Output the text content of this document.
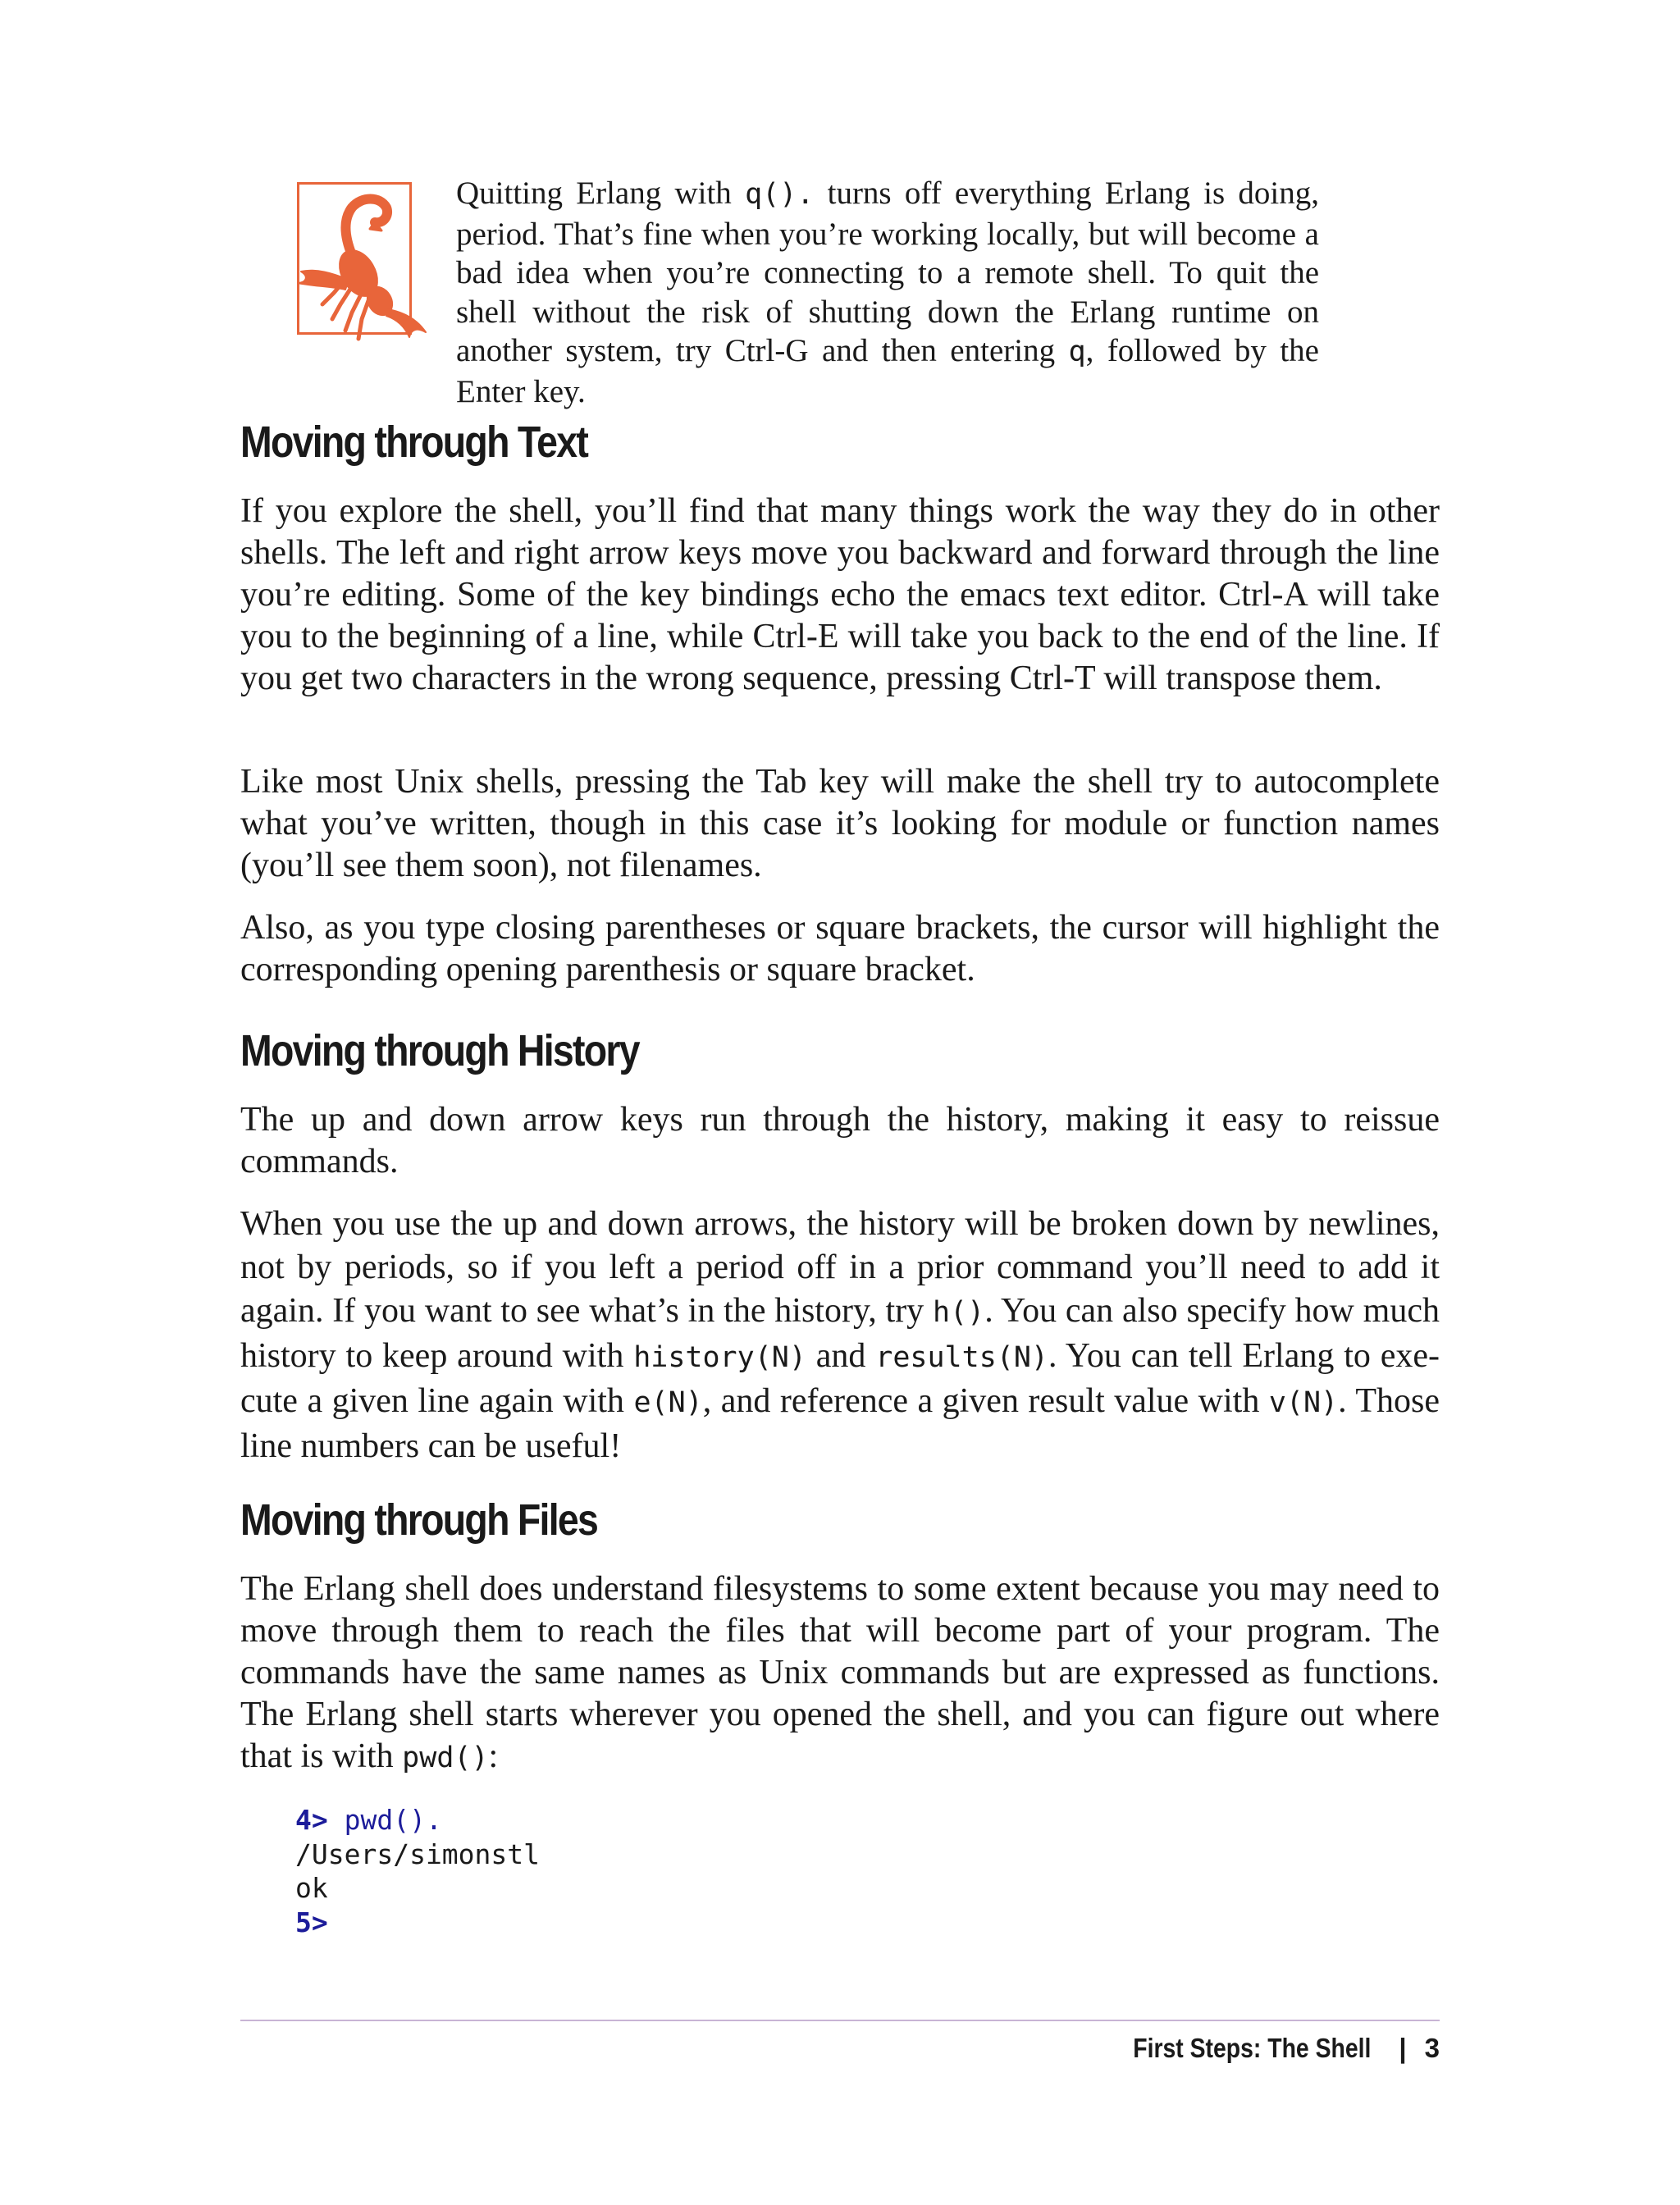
Quitting Erlang with q(). turns off everything Erlang is doing, period. That’s fine when you’re working locally, but will become a bad idea when you’re connecting to a remote shell. To quit the shell without the risk of shutting down the Erlang runtime on another system, try Ctrl-G and then entering q, followed by the Enter key.
Moving through Text

If you explore the shell, you’ll find that many things work the way they do in other shells. The left and right arrow keys move you backward and forward through the line you’re editing. Some of the key bindings echo the emacs text editor. Ctrl-A will take you to the beginning of a line, while Ctrl-E will take you back to the end of the line. If you get two characters in the wrong sequence, pressing Ctrl-T will transpose them.

Like most Unix shells, pressing the Tab key will make the shell try to autocomplete what you’ve written, though in this case it’s looking for module or function names (you’ll see them soon), not filenames.

Also, as you type closing parentheses or square brackets, the cursor will highlight the corresponding opening parenthesis or square bracket.

Moving through History

The up and down arrow keys run through the history, making it easy to reissue commands.

When you use the up and down arrows, the history will be broken down by newlines, not by periods, so if you left a period off in a prior command you’ll need to add it again. If you want to see what’s in the history, try h(). You can also specify how much history to keep around with history(N) and results(N). You can tell Erlang to execute a given line again with e(N), and reference a given result value with v(N). Those line numbers can be useful!

Moving through Files

The Erlang shell does understand filesystems to some extent because you may need to move through them to reach the files that will become part of your program. The commands have the same names as Unix commands but are expressed as functions. The Erlang shell starts wherever you opened the shell, and you can figure out where that is with pwd():

4> pwd().
/Users/simonstl
ok
5>
First Steps: The Shell | 3
